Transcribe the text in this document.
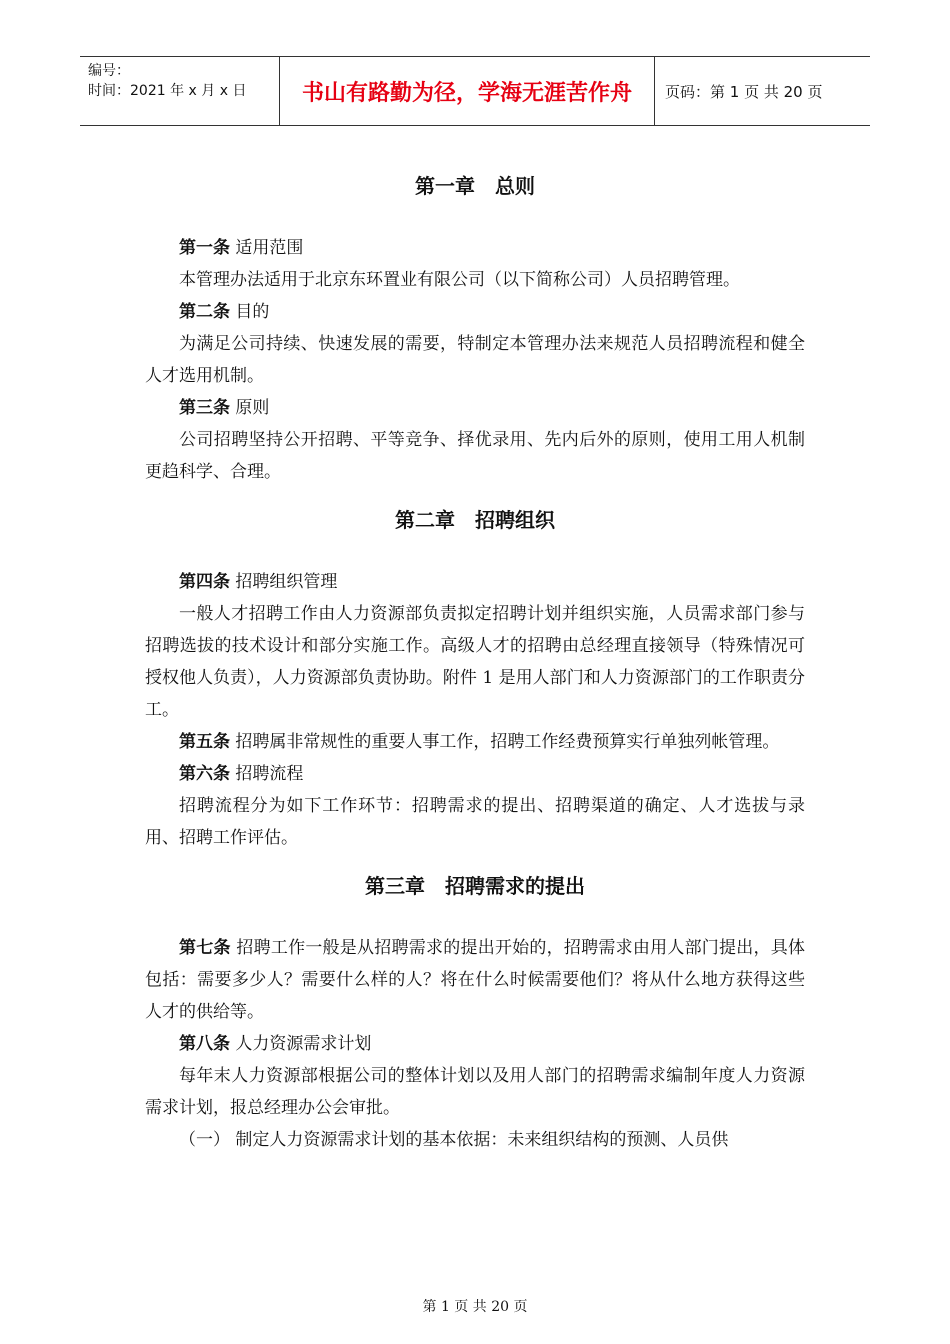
编号：
时间：2021 年 x 月 x 日	书山有路勤为径，学海无涯苦作舟	页码：第 1 页 共 20 页
第一章　总则

第一条 适用范围

本管理办法适用于北京东环置业有限公司（以下简称公司）人员招聘管理。

第二条 目的

为满足公司持续、快速发展的需要，特制定本管理办法来规范人员招聘流程和健全人才选用机制。

第三条 原则

公司招聘坚持公开招聘、平等竞争、择优录用、先内后外的原则，使用工用人机制更趋科学、合理。

第二章　招聘组织

第四条 招聘组织管理

一般人才招聘工作由人力资源部负责拟定招聘计划并组织实施，人员需求部门参与招聘选拔的技术设计和部分实施工作。高级人才的招聘由总经理直接领导（特殊情况可授权他人负责），人力资源部负责协助。附件 1 是用人部门和人力资源部门的工作职责分工。

第五条 招聘属非常规性的重要人事工作，招聘工作经费预算实行单独列帐管理。

第六条 招聘流程

招聘流程分为如下工作环节：招聘需求的提出、招聘渠道的确定、人才选拔与录用、招聘工作评估。

第三章　招聘需求的提出

第七条 招聘工作一般是从招聘需求的提出开始的，招聘需求由用人部门提出，具体包括：需要多少人？需要什么样的人？将在什么时候需要他们？将从什么地方获得这些人才的供给等。

第八条 人力资源需求计划

每年末人力资源部根据公司的整体计划以及用人部门的招聘需求编制年度人力资源需求计划，报总经理办公会审批。

（一） 制定人力资源需求计划的基本依据：未来组织结构的预测、人员供

第 1 页 共 20 页
